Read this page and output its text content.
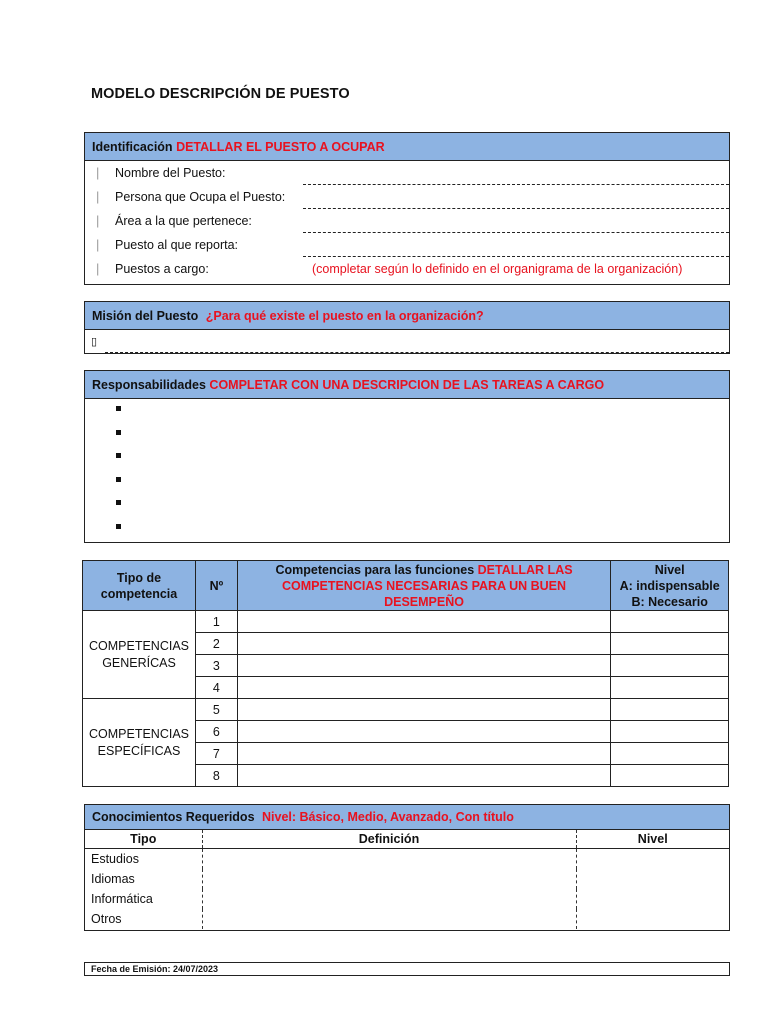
MODELO DESCRIPCIÓN DE PUESTO
Identificación DETALLAR EL PUESTO A OCUPAR
| Nombre del Puesto:
| Persona que Ocupa el Puesto:
| Área a la que pertenece:
| Puesto al que reporta:
| Puestos a cargo:	(completar según lo definido en el organigrama de la organización)
Misión del Puesto ¿Para qué existe el puesto en la organización?
▯
Responsabilidades COMPLETAR CON UNA DESCRIPCION DE LAS TAREAS A CARGO
Tipo de competencia	Nº	Competencias para las funciones DETALLAR LAS COMPETENCIAS NECESARIAS PARA UN BUEN DESEMPEÑO	Nivel
A: indispensable
B: Necesario

COMPETENCIAS GENERÍCAS	1		
	2		
	3		
	4		
COMPETENCIAS ESPECÍFICAS	5		
	6		
	7		
	8		
Conocimientos Requeridos Nivel: Básico, Medio, Avanzado, Con título
Tipo	Definición	Nivel
Estudios		
Idiomas		
Informática		
Otros		
Fecha de Emisión: 24/07/2023
